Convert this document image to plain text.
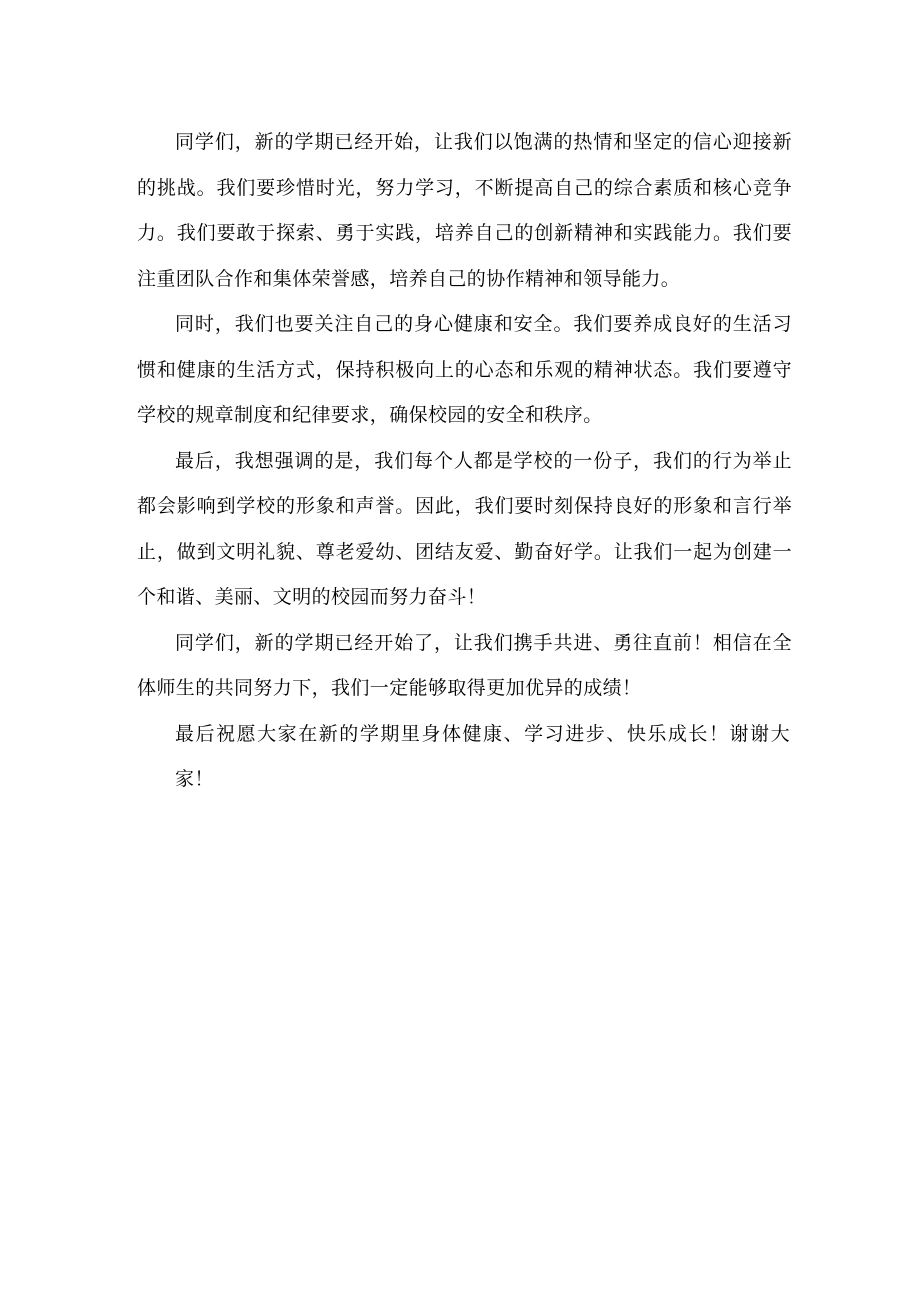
同学们，新的学期已经开始，让我们以饱满的热情和坚定的信心迎接新的挑战。我们要珍惜时光，努力学习，不断提高自己的综合素质和核心竞争力。我们要敢于探索、勇于实践，培养自己的创新精神和实践能力。我们要注重团队合作和集体荣誉感，培养自己的协作精神和领导能力。

同时，我们也要关注自己的身心健康和安全。我们要养成良好的生活习惯和健康的生活方式，保持积极向上的心态和乐观的精神状态。我们要遵守学校的规章制度和纪律要求，确保校园的安全和秩序。

最后，我想强调的是，我们每个人都是学校的一份子，我们的行为举止都会影响到学校的形象和声誉。因此，我们要时刻保持良好的形象和言行举止，做到文明礼貌、尊老爱幼、团结友爱、勤奋好学。让我们一起为创建一个和谐、美丽、文明的校园而努力奋斗！

同学们，新的学期已经开始了，让我们携手共进、勇往直前！相信在全体师生的共同努力下，我们一定能够取得更加优异的成绩！

最后祝愿大家在新的学期里身体健康、学习进步、快乐成长！谢谢大家！
